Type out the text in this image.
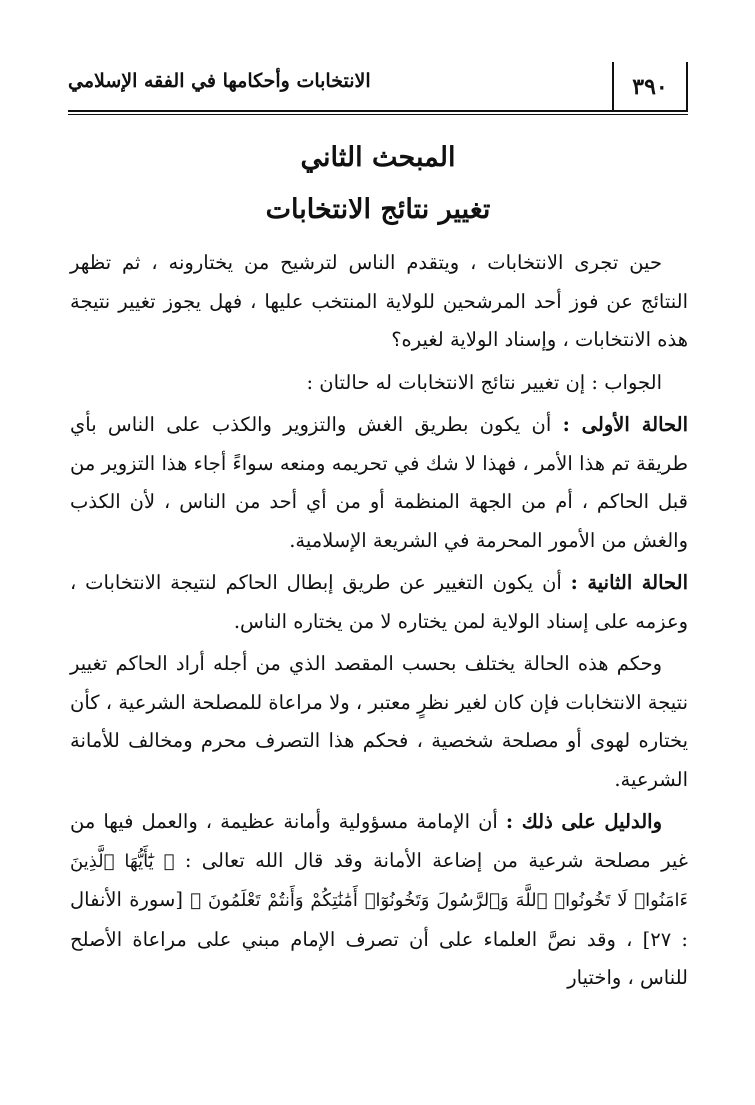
٣٩٠
الانتخابات وأحكامها في الفقه الإسلامي
المبحث الثاني
تغيير نتائج الانتخابات

حين تجرى الانتخابات ، ويتقدم الناس لترشيح من يختارونه ، ثم تظهر النتائج عن فوز أحد المرشحين للولاية المنتخب عليها ، فهل يجوز تغيير نتيجة هذه الانتخابات ، وإسناد الولاية لغيره؟

الجواب : إن تغيير نتائج الانتخابات له حالتان :

الحالة الأولى : أن يكون بطريق الغش والتزوير والكذب على الناس بأي طريقة تم هذا الأمر ، فهذا لا شك في تحريمه ومنعه سواءً أجاء هذا التزوير من قبل الحاكم ، أم من الجهة المنظمة أو من أي أحد من الناس ، لأن الكذب والغش من الأمور المحرمة في الشريعة الإسلامية.

الحالة الثانية : أن يكون التغيير عن طريق إبطال الحاكم لنتيجة الانتخابات ، وعزمه على إسناد الولاية لمن يختاره لا من يختاره الناس.

وحكم هذه الحالة يختلف بحسب المقصد الذي من أجله أراد الحاكم تغيير نتيجة الانتخابات فإن كان لغير نظرٍ معتبر ، ولا مراعاة للمصلحة الشرعية ، كأن يختاره لهوى أو مصلحة شخصية ، فحكم هذا التصرف محرم ومخالف للأمانة الشرعية.

والدليل على ذلك : أن الإمامة مسؤولية وأمانة عظيمة ، والعمل فيها من غير مصلحة شرعية من إضاعة الأمانة وقد قال الله تعالى : ﴿ يَٰٓأَيُّهَا ٱلَّذِينَ ءَامَنُوا۟ لَا تَخُونُوا۟ ٱللَّهَ وَٱلرَّسُولَ وَتَخُونُوٓا۟ أَمَٰنَٰتِكُمْ وَأَنتُمْ تَعْلَمُونَ ﴾ [سورة الأنفال : ٢٧] ، وقد نصَّ العلماء على أن تصرف الإمام مبني على مراعاة الأصلح للناس ، واختيار
